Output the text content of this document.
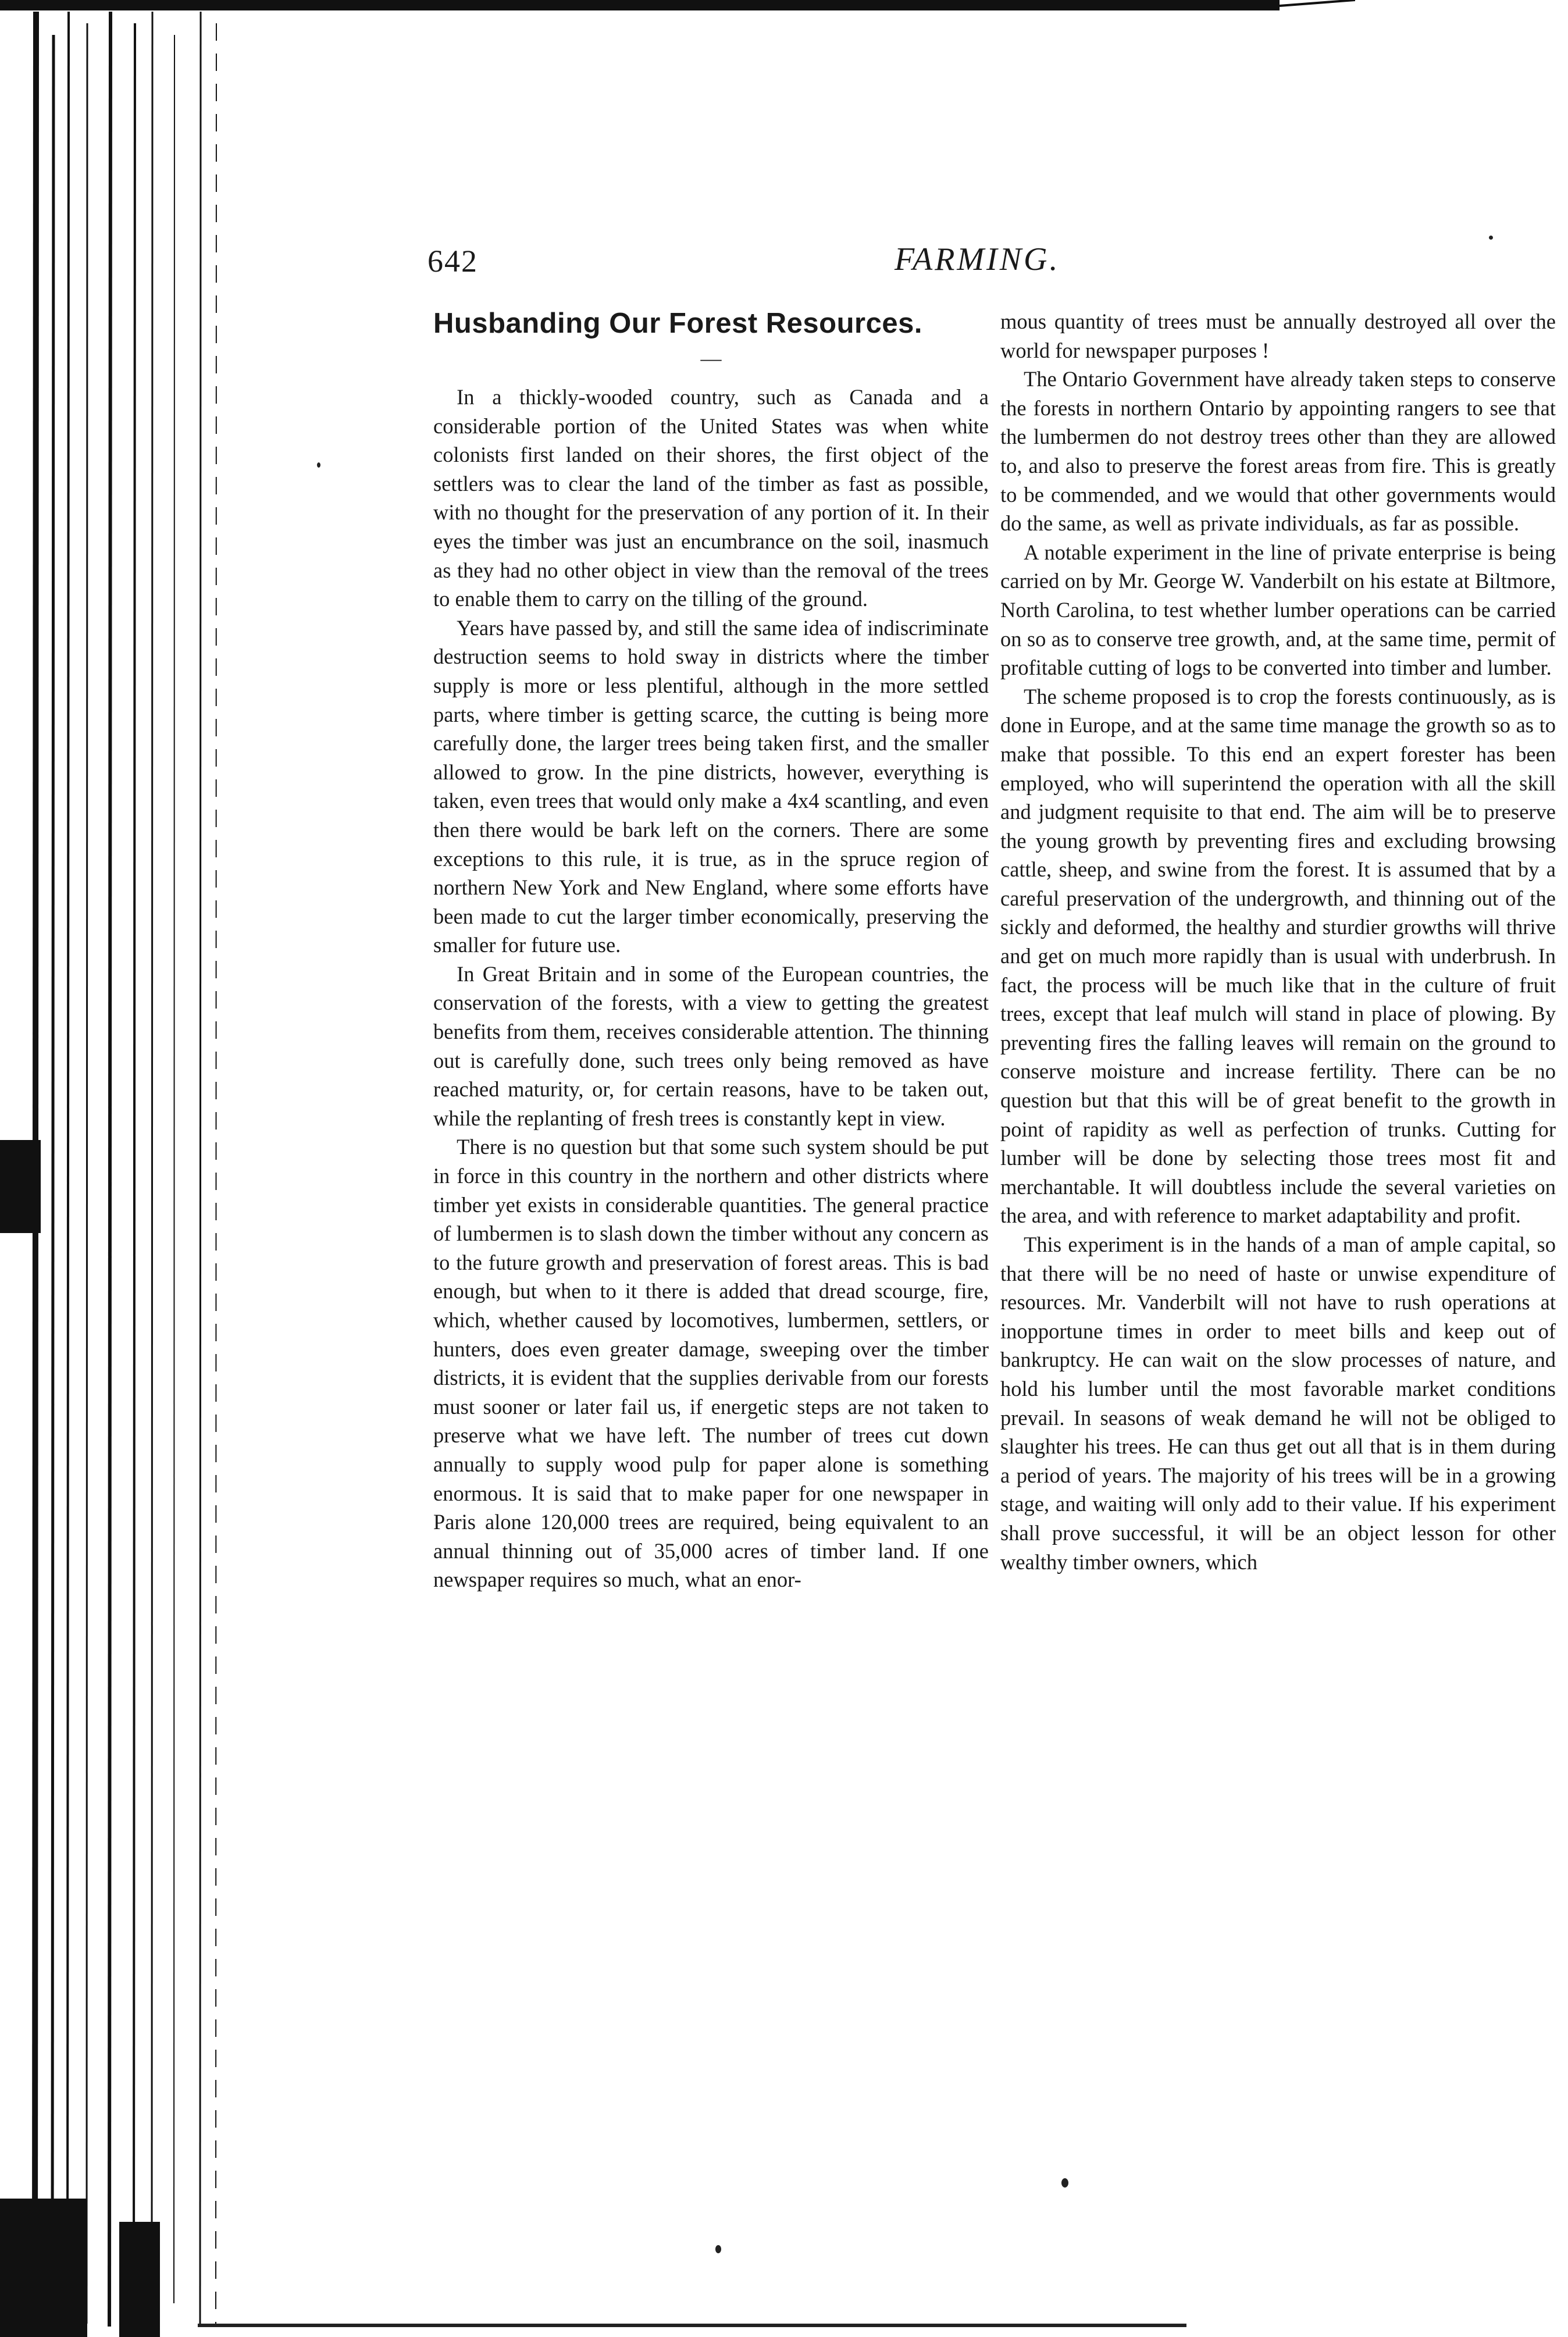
642	FARMING.
Husbanding Our Forest Resources.
—

In a thickly-wooded country, such as Canada and a considerable portion of the United States was when white colonists first landed on their shores, the first object of the settlers was to clear the land of the timber as fast as possible, with no thought for the preservation of any portion of it. In their eyes the timber was just an encumbrance on the soil, inasmuch as they had no other object in view than the removal of the trees to enable them to carry on the tilling of the ground.

Years have passed by, and still the same idea of indiscriminate destruction seems to hold sway in districts where the timber supply is more or less plentiful, although in the more settled parts, where timber is getting scarce, the cutting is being more carefully done, the larger trees being taken first, and the smaller allowed to grow. In the pine districts, however, everything is taken, even trees that would only make a 4x4 scantling, and even then there would be bark left on the corners. There are some exceptions to this rule, it is true, as in the spruce region of northern New York and New England, where some efforts have been made to cut the larger timber economically, preserving the smaller for future use.

In Great Britain and in some of the European countries, the conservation of the forests, with a view to getting the greatest benefits from them, receives considerable attention. The thinning out is carefully done, such trees only being removed as have reached maturity, or, for certain reasons, have to be taken out, while the replanting of fresh trees is constantly kept in view.

There is no question but that some such system should be put in force in this country in the northern and other districts where timber yet exists in considerable quantities. The general practice of lumbermen is to slash down the timber without any concern as to the future growth and preservation of forest areas. This is bad enough, but when to it there is added that dread scourge, fire, which, whether caused by locomotives, lumbermen, settlers, or hunters, does even greater damage, sweeping over the timber districts, it is evident that the supplies derivable from our forests must sooner or later fail us, if energetic steps are not taken to preserve what we have left. The number of trees cut down annually to supply wood pulp for paper alone is something enormous. It is said that to make paper for one newspaper in Paris alone 120,000 trees are required, being equivalent to an annual thinning out of 35,000 acres of timber land. If one newspaper requires so much, what an enor-

mous quantity of trees must be annually destroyed all over the world for newspaper purposes !

The Ontario Government have already taken steps to conserve the forests in northern Ontario by appointing rangers to see that the lumbermen do not destroy trees other than they are allowed to, and also to preserve the forest areas from fire. This is greatly to be commended, and we would that other governments would do the same, as well as private individuals, as far as possible.

A notable experiment in the line of private enterprise is being carried on by Mr. George W. Vanderbilt on his estate at Biltmore, North Carolina, to test whether lumber operations can be carried on so as to conserve tree growth, and, at the same time, permit of profitable cutting of logs to be converted into timber and lumber.

The scheme proposed is to crop the forests continuously, as is done in Europe, and at the same time manage the growth so as to make that possible. To this end an expert forester has been employed, who will superintend the operation with all the skill and judgment requisite to that end. The aim will be to preserve the young growth by preventing fires and excluding browsing cattle, sheep, and swine from the forest. It is assumed that by a careful preservation of the undergrowth, and thinning out of the sickly and deformed, the healthy and sturdier growths will thrive and get on much more rapidly than is usual with underbrush. In fact, the process will be much like that in the culture of fruit trees, except that leaf mulch will stand in place of plowing. By preventing fires the falling leaves will remain on the ground to conserve moisture and increase fertility. There can be no question but that this will be of great benefit to the growth in point of rapidity as well as perfection of trunks. Cutting for lumber will be done by selecting those trees most fit and merchantable. It will doubtless include the several varieties on the area, and with reference to market adaptability and profit.

This experiment is in the hands of a man of ample capital, so that there will be no need of haste or unwise expenditure of resources. Mr. Vanderbilt will not have to rush operations at inopportune times in order to meet bills and keep out of bankruptcy. He can wait on the slow processes of nature, and hold his lumber until the most favorable market conditions prevail. In seasons of weak demand he will not be obliged to slaughter his trees. He can thus get out all that is in them during a period of years. The majority of his trees will be in a growing stage, and waiting will only add to their value. If his experiment shall prove successful, it will be an object lesson for other wealthy timber owners, which
